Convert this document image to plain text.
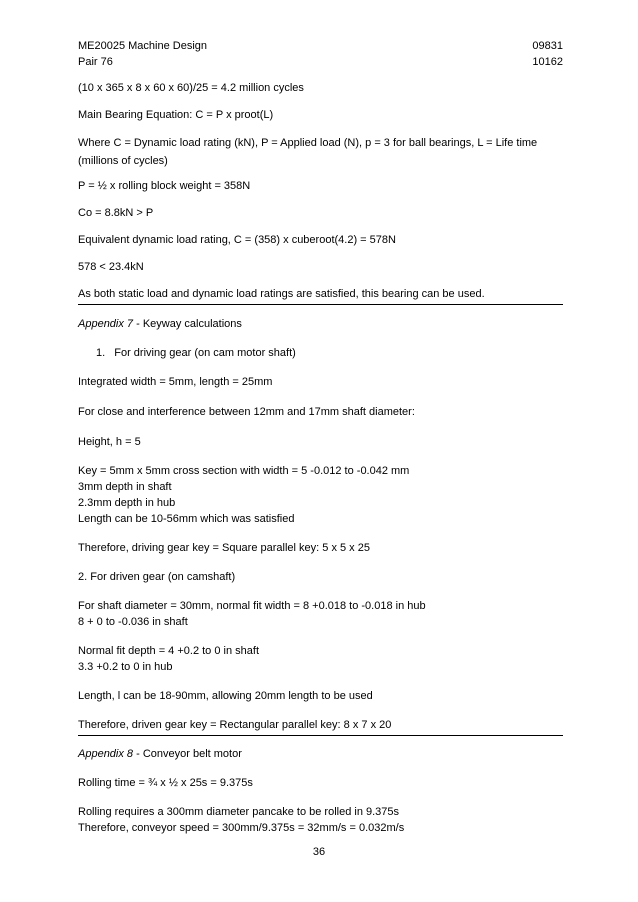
ME20025 Machine Design	09831
Pair 76	10162
(10 x 365 x 8 x 60 x 60)/25 = 4.2 million cycles
Main Bearing Equation: C = P x proot(L)
Where C = Dynamic load rating (kN), P = Applied load (N), p = 3 for ball bearings, L = Life time (millions of cycles)
P = ½ x rolling block weight = 358N
Co = 8.8kN > P
Equivalent dynamic load rating, C = (358) x cuberoot(4.2) = 578N
578 < 23.4kN
As both static load and dynamic load ratings are satisfied, this bearing can be used.
Appendix 7 - Keyway calculations
1. For driving gear (on cam motor shaft)
Integrated width = 5mm, length = 25mm
For close and interference between 12mm and 17mm shaft diameter:
Height, h = 5
Key = 5mm x 5mm cross section with width = 5 -0.012 to -0.042 mm
3mm depth in shaft
2.3mm depth in hub
Length can be 10-56mm which was satisfied
Therefore, driving gear key = Square parallel key: 5 x 5 x 25
2. For driven gear (on camshaft)
For shaft diameter = 30mm, normal fit width = 8 +0.018 to -0.018 in hub
8 + 0 to -0.036 in shaft
Normal fit depth = 4 +0.2 to 0 in shaft
3.3 +0.2 to 0 in hub
Length, l can be 18-90mm, allowing 20mm length to be used
Therefore, driven gear key = Rectangular parallel key: 8 x 7 x 20
Appendix 8 - Conveyor belt motor
Rolling time = ¾ x ½ x 25s = 9.375s
Rolling requires a 300mm diameter pancake to be rolled in 9.375s
Therefore, conveyor speed = 300mm/9.375s = 32mm/s = 0.032m/s
36
